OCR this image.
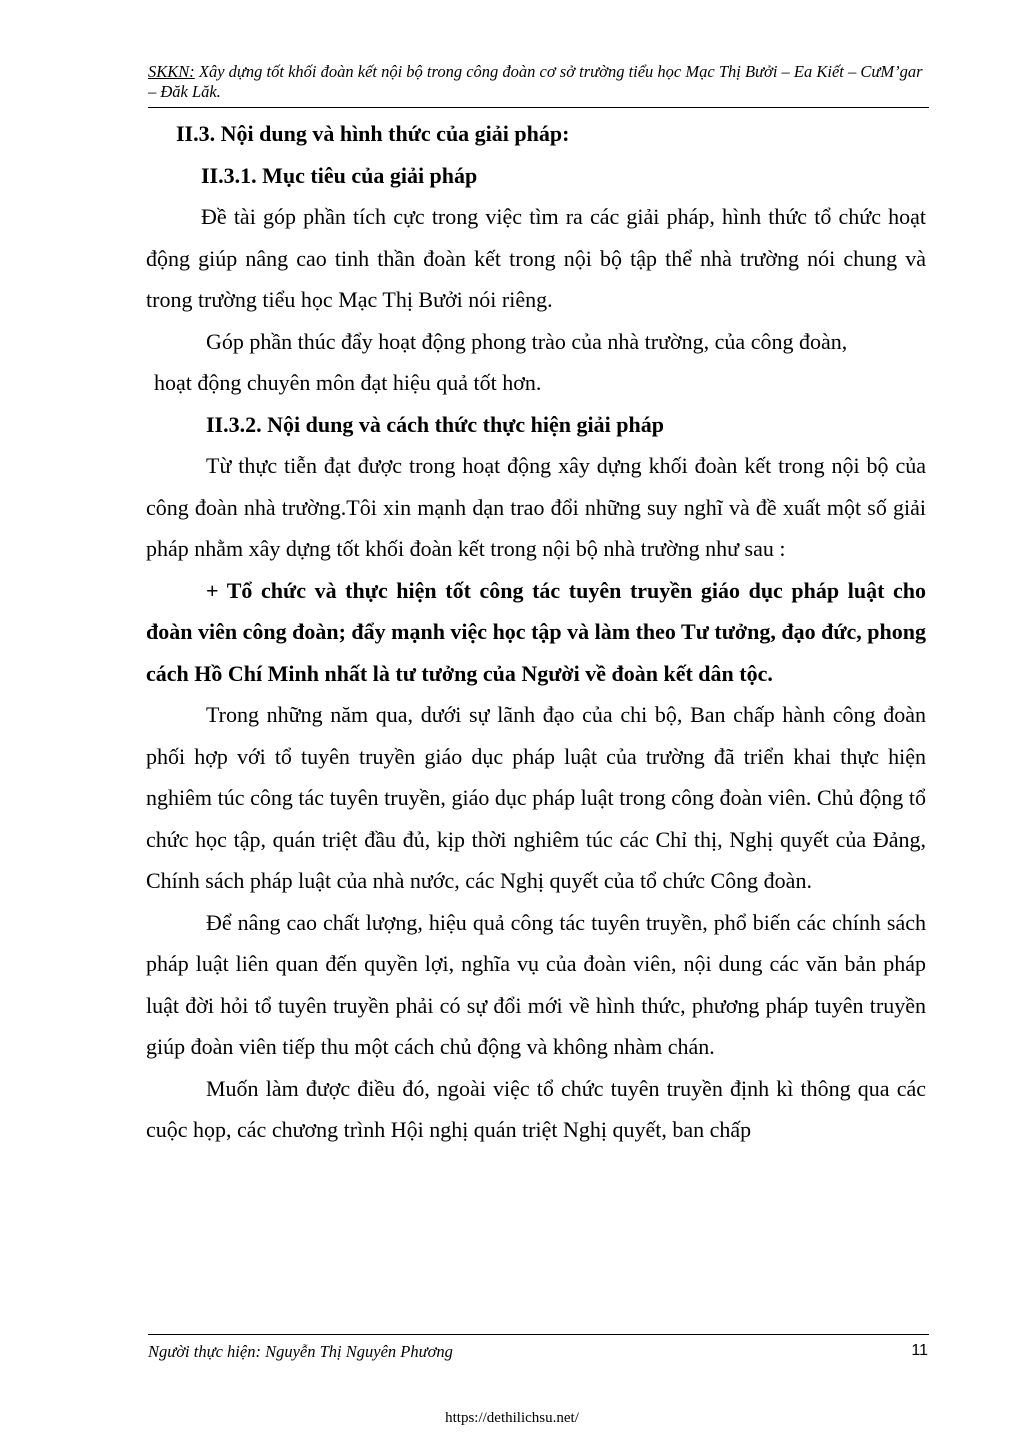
SKKN: Xây dựng tốt khối đoàn kết nội bộ trong công đoàn cơ sở trường tiểu học Mạc Thị Bưởi – Ea Kiết – CưM’gar – Đăk Lăk.

II.3. Nội dung và hình thức của giải pháp:

II.3.1. Mục tiêu của giải pháp

Đề tài góp phần tích cực trong việc tìm ra các giải pháp, hình thức tổ chức hoạt động giúp nâng cao tinh thần đoàn kết trong nội bộ tập thể nhà trường nói chung và trong trường tiểu học Mạc Thị Bưởi nói riêng.

Góp phần thúc đẩy hoạt động phong trào của nhà trường, của công đoàn,

hoạt động chuyên môn đạt hiệu quả tốt hơn.

II.3.2. Nội dung và cách thức thực hiện giải pháp

Từ thực tiễn đạt được trong hoạt động xây dựng khối đoàn kết trong nội bộ của công đoàn nhà trường.Tôi xin mạnh dạn trao đổi những suy nghĩ và đề xuất một số giải pháp nhằm xây dựng tốt khối đoàn kết trong nội bộ nhà trường như sau :

+ Tổ chức và thực hiện tốt công tác tuyên truyền giáo dục pháp luật cho đoàn viên công đoàn; đẩy mạnh việc học tập và làm theo Tư tưởng, đạo đức, phong cách Hồ Chí Minh nhất là tư tưởng của Người về đoàn kết dân tộc.

Trong những năm qua, dưới sự lãnh đạo của chi bộ, Ban chấp hành công đoàn phối hợp với tổ tuyên truyền giáo dục pháp luật của trường đã triển khai thực hiện nghiêm túc công tác tuyên truyền, giáo dục pháp luật trong công đoàn viên. Chủ động tổ chức học tập, quán triệt đầu đủ, kịp thời nghiêm túc các Chỉ thị, Nghị quyết của Đảng, Chính sách pháp luật của nhà nước, các Nghị quyết của tổ chức Công đoàn.

Để nâng cao chất lượng, hiệu quả công tác tuyên truyền, phổ biến các chính sách pháp luật liên quan đến quyền lợi, nghĩa vụ của đoàn viên, nội dung các văn bản pháp luật đời hỏi tổ tuyên truyền phải có sự đổi mới về hình thức, phương pháp tuyên truyền giúp đoàn viên tiếp thu một cách chủ động và không nhàm chán.

Muốn làm được điều đó, ngoài việc tổ chức tuyên truyền định kì thông qua các cuộc họp, các chương trình Hội nghị quán triệt Nghị quyết, ban chấp

Người thực hiện: Nguyễn Thị Nguyên Phương	11
https://dethilichsu.net/
